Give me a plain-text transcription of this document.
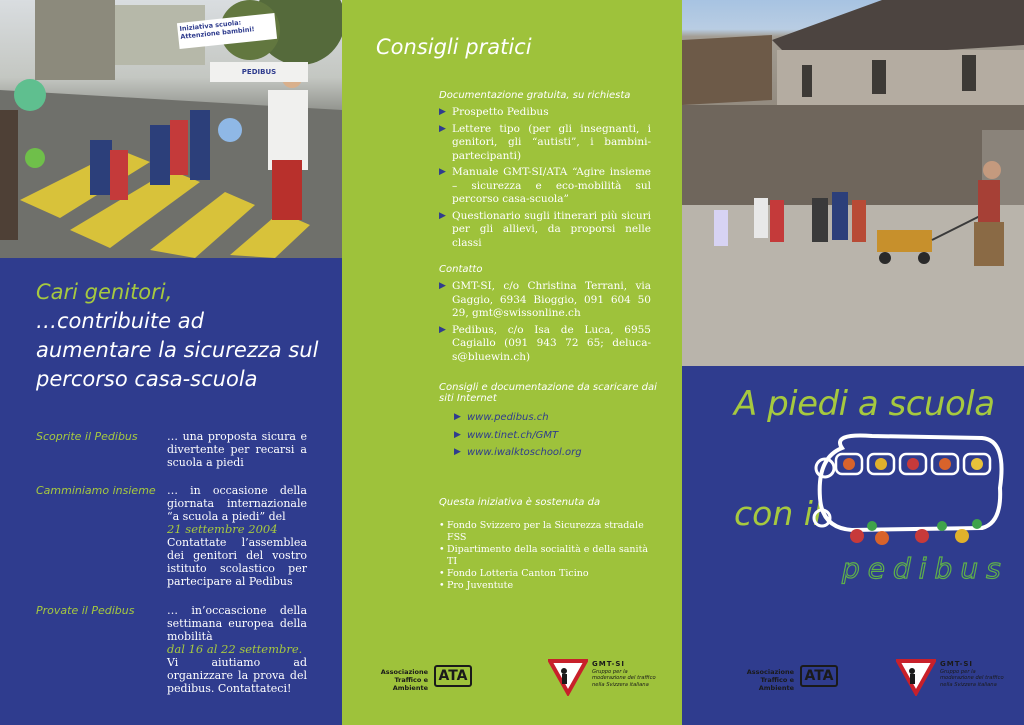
Iniziativa scuola: Attenzione bambini!
PEDIBUS
Cari genitori,
…contribuite ad aumentare la sicurezza sul percorso casa-scuola
Scoprite il Pedibus	… una proposta sicura e divertente per recarsi a scuola a piedi
Camminiamo insieme	… in occasione della giornata internazionale “a scuola a piedi” del
21 settembre 2004
Contattate l’assemblea dei genitori del vostro istituto scolastico per partecipare al Pedibus
Provate il Pedibus	… in’occascione della settimana europea della mobilità
dal 16 al 22 settembre.
Vi aiutiamo ad organizzare la prova del pedibus. Contattateci!
Consigli pratici
Documentazione gratuita, su richiesta
▶ Prospetto Pedibus
▶ Lettere tipo (per gli insegnanti, i genitori, gli “autisti”, i bambini-partecipanti)
▶ Manuale GMT-SI/ATA “Agire insieme – sicurezza e eco-mobilità sul percorso casa-scuola”
▶ Questionario sugli itinerari più sicuri per gli allievi, da proporsi nelle classi
Contatto
▶ GMT-SI, c/o Christina Terrani, via Gaggio, 6934 Bioggio, 091 604 50 29, gmt@swissonline.ch
▶ Pedibus, c/o Isa de Luca, 6955 Cagiallo (091 943 72 65; deluca-s@bluewin.ch)
Consigli e documentazione da scaricare dai siti Internet
▶ www.pedibus.ch
▶ www.tinet.ch/GMT
▶ www.iwalktoschool.org
Questa iniziativa è sostenuta da
• Fondo Svizzero per la Sicurezza stradale FSS
• Dipartimento della socialità e della sanità TI
• Fondo Lotteria Canton Ticino
• Pro Juventute
Associazione Traffico e Ambiente
ATA
GMT-SI
Gruppo per la moderazione del traffico nella Svizzera italiana
A piedi a scuola
con il
pedibus
Associazione Traffico e Ambiente
ATA
GMT-SI
Gruppo per la moderazione del traffico nella Svizzera italiana
